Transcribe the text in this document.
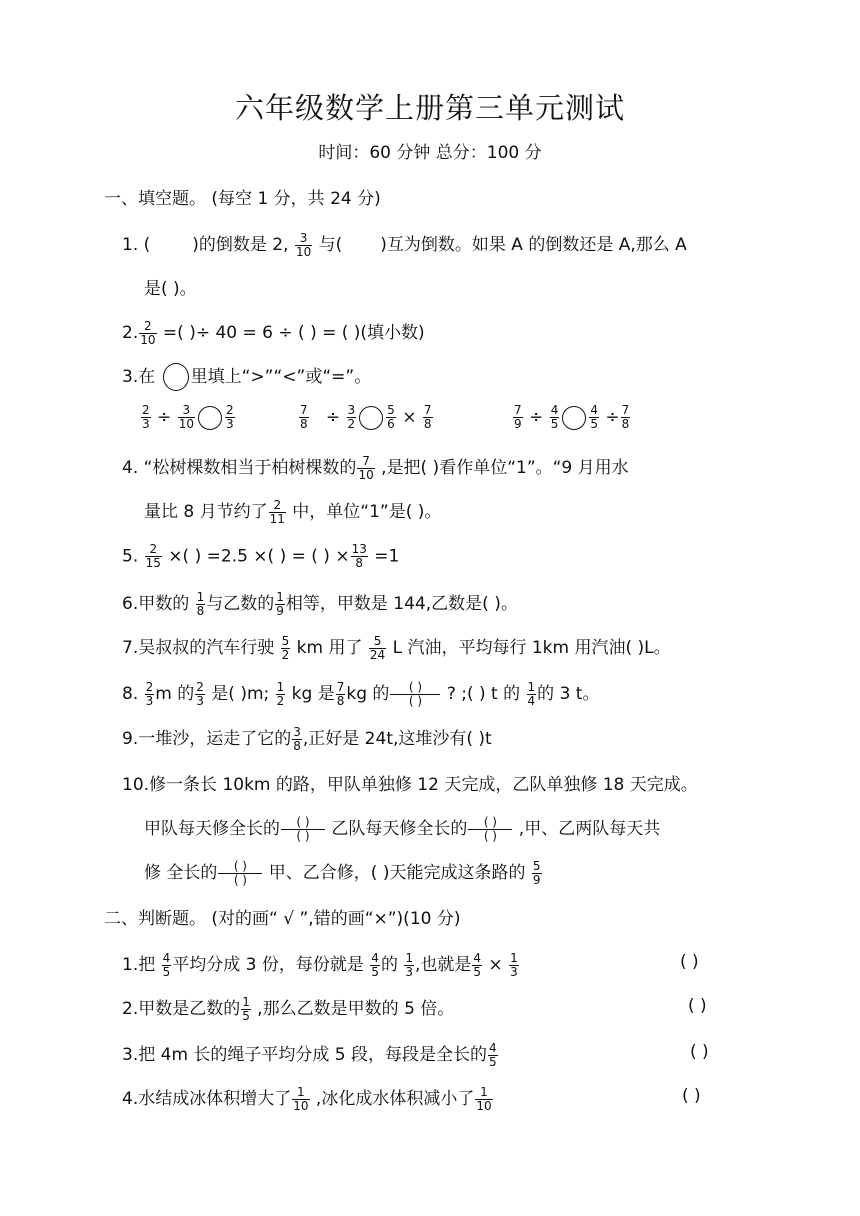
六年级数学上册第三单元测试
时间：60 分钟 总分：100 分
一、填空题。 (每空 1 分，共 24 分)
1. ( )的倒数是 2, $\frac{3}{10}$ 与( )互为倒数。如果 A 的倒数还是 A,那么 A
是( )。
2. $\frac{2}{10}$ =( )÷ 40 = 6 ÷ ( ) = ( )(填小数)
3.在 里填上“>”“<”或“=”。
$\frac{2}{3} \div \frac{3}{10}$	$\frac{2}{3}$	$\frac{7}{8} \div \frac{3}{2}$	$\frac{5}{6} \times \frac{7}{8}$	$\frac{7}{9} \div \frac{4}{5}$	$\frac{4}{5} \div \frac{7}{8}$
4. “松树棵数相当于柏树棵数的 $\frac{7}{10}$ ,是把( )看作单位“1”。“9 月用水
量比 8 月节约了 $\frac{2}{11}$ 中，单位“1”是( )。
5. $\frac{2}{15}$ ×( ) =2.5 ×( ) = ( ) × $\frac{13}{8} =1$
6.甲数的 $\frac{1}{8}$ 与乙数的 $\frac{1}{9}$ 相等，甲数是 144,乙数是( )。
7.吴叔叔的汽车行驶 $\frac{5}{2}$ km 用了 $\frac{5}{24}$ L 汽油，平均每行 1km 用汽油( )L。
8. $\frac{2}{3}$ m 的 $\frac{2}{3}$ 是( )m; $\frac{1}{2}$ kg 是 $\frac{7}{8}$ kg 的 $\frac{( )}{( )}$ ? ;( ) t 的 $\frac{1}{4}$ 的 3 t。
9.一堆沙，运走了它的 $\frac{3}{8}$ ,正好是 24t,这堆沙有( )t
10.修一条长 10km 的路，甲队单独修 12 天完成，乙队单独修 18 天完成。
甲队每天修全长的 $\frac{( )}{( )}$ 乙队每天修全长的 $\frac{( )}{( )}$ ,甲、乙两队每天共
修 全长的 $\frac{( )}{( )}$ 甲、乙合修，( )天能完成这条路的 $\frac{5}{9}$
二、判断题。 (对的画“ √ ”,错的画“×”)(10 分)
1.把 $\frac{4}{5}$ 平均分成 3 份，每份就是 $\frac{4}{5}$ 的 $\frac{1}{3}$ ,也就是 $\frac{4}{5} \times \frac{1}{3}$	( )
2.甲数是乙数的 $\frac{1}{5}$ ,那么乙数是甲数的 5 倍。	( )
3.把 4m 长的绳子平均分成 5 段，每段是全长的 $\frac{4}{5}$	( )
4.水结成冰体积增大了 $\frac{1}{10}$ ,冰化成水体积减小了 $\frac{1}{10}$	( )
